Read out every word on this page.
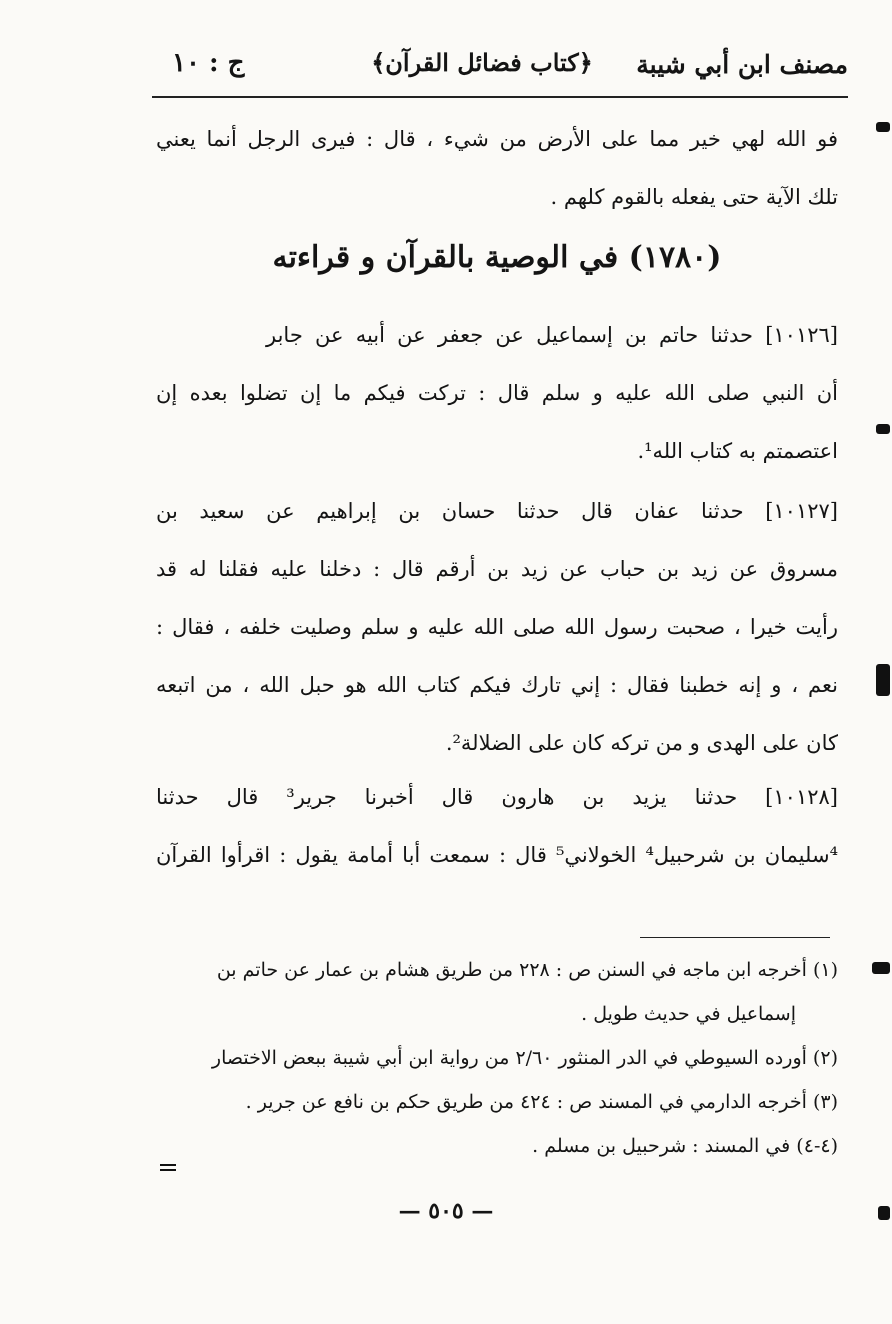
ج : ١٠	﴿كتاب فضائل القرآن﴾	مصنف ابن أبي شيبة
فو الله لهي خير مما على الأرض من شيء ، قال : فيرى الرجل أنما يعني
تلك الآية حتى يفعله بالقوم كلهم .
(١٧٨٠) في الوصية بالقرآن و قراءته
[١٠١٢٦] حدثنا حاتم بن إسماعيل عن جعفر عن أبيه عن جابر
أن النبي صلى الله عليه و سلم قال : تركت فيكم ما إن تضلوا بعده إن
اعتصمتم به كتاب الله¹.
[١٠١٢٧] حدثنا عفان قال حدثنا حسان بن إبراهيم عن سعيد بن
مسروق عن زيد بن حباب عن زيد بن أرقم قال : دخلنا عليه فقلنا له قد
رأيت خيرا ، صحبت رسول الله صلى الله عليه و سلم وصليت خلفه ، فقال :
نعم ، و إنه خطبنا فقال : إني تارك فيكم كتاب الله هو حبل الله ، من اتبعه
كان على الهدى و من تركه كان على الضلالة².
[١٠١٢٨] حدثنا يزيد بن هارون قال أخبرنا جرير³ قال حدثنا
⁴سليمان بن شرحبيل⁴ الخولاني⁵ قال : سمعت أبا أمامة يقول : اقرأوا القرآن
(١) أخرجه ابن ماجه في السنن ص : ٢٢٨ من طريق هشام بن عمار عن حاتم بن
إسماعيل في حديث طويل .
(٢) أورده السيوطي في الدر المنثور ٢/٦٠ من رواية ابن أبي شيبة ببعض الاختصار
(٣) أخرجه الدارمي في المسند ص : ٤٢٤ من طريق حكم بن نافع عن جرير .
(٤-٤) في المسند : شرحبيل بن مسلم .
— ٥٠٥ —
